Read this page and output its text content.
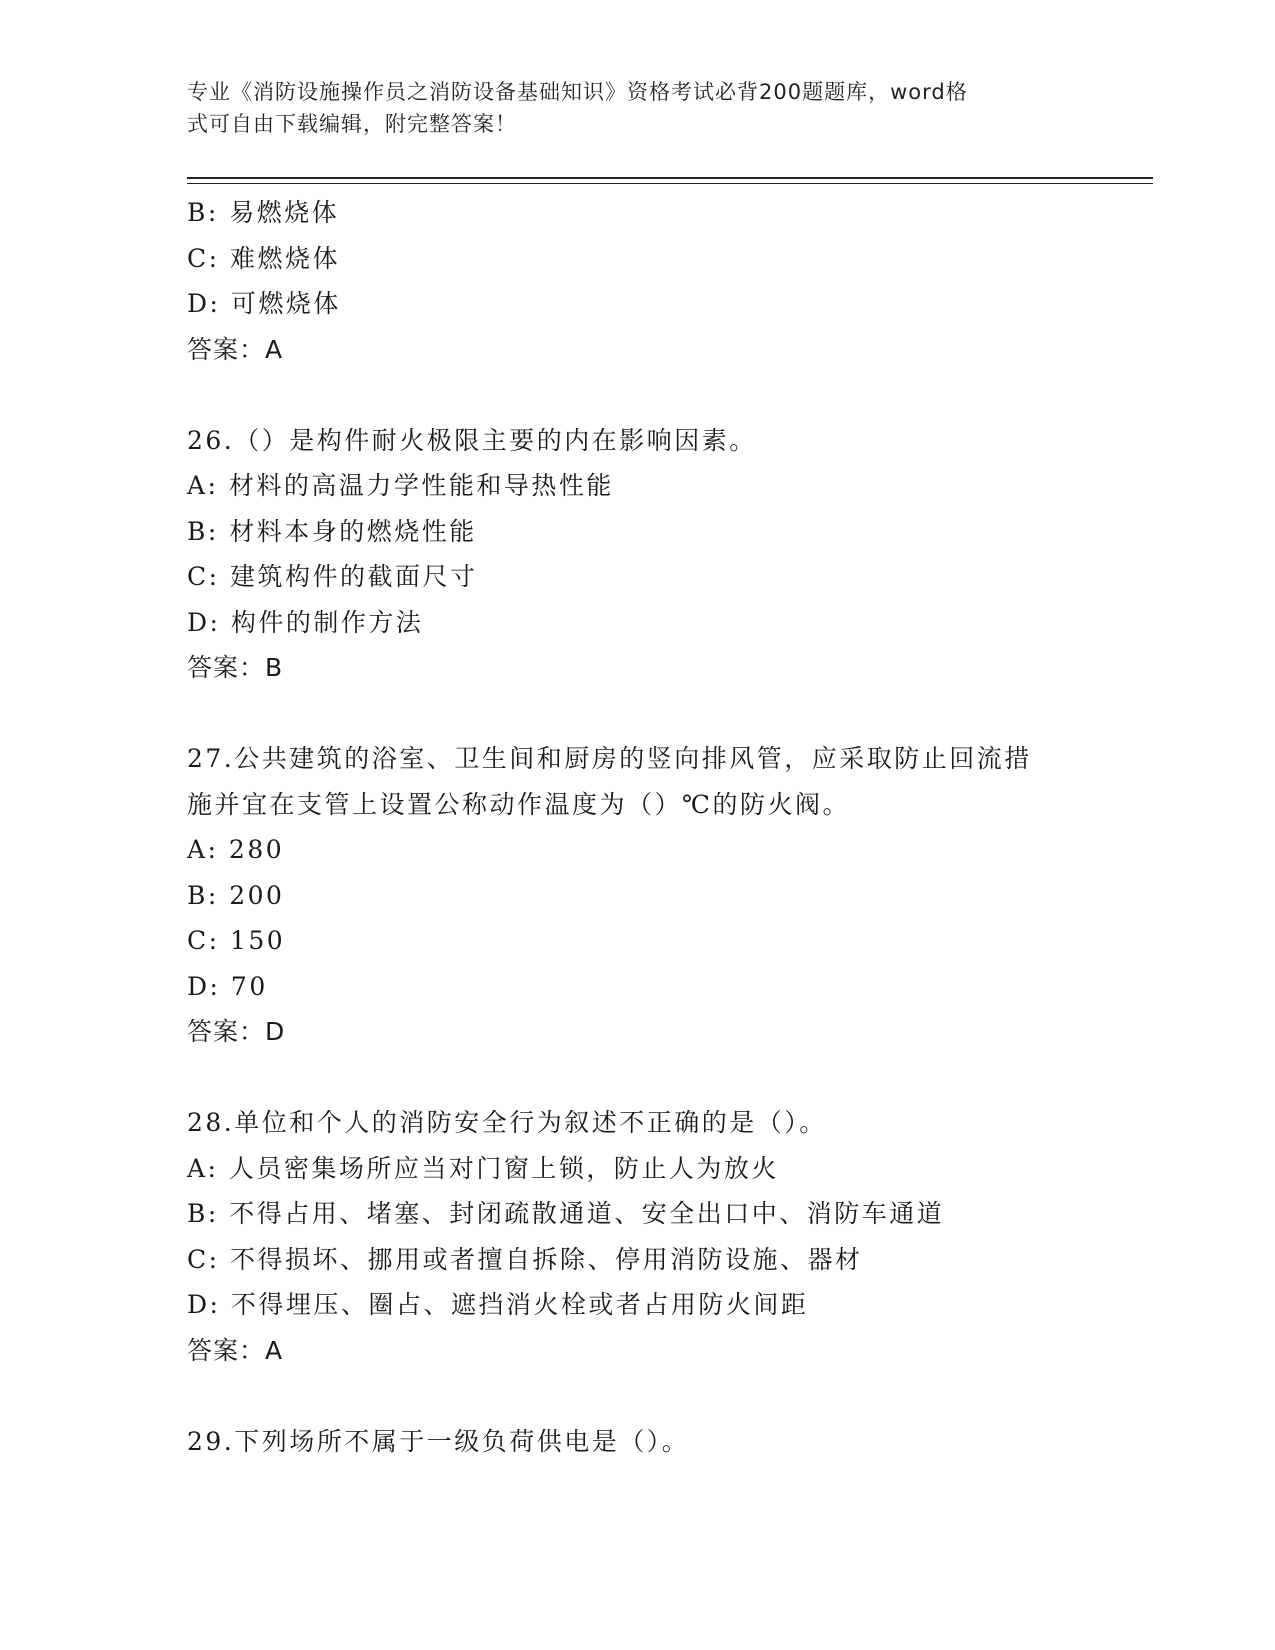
专业《消防设施操作员之消防设备基础知识》资格考试必背200题题库，word格
式可自由下载编辑，附完整答案！
B: 易燃烧体
C: 难燃烧体
D: 可燃烧体
答案：A
26.（）是构件耐火极限主要的内在影响因素。
A: 材料的高温力学性能和导热性能
B: 材料本身的燃烧性能
C: 建筑构件的截面尺寸
D: 构件的制作方法
答案：B
27.公共建筑的浴室、卫生间和厨房的竖向排风管，应采取防止回流措
施并宜在支管上设置公称动作温度为（）℃的防火阀。
A: 280
B: 200
C: 150
D: 70
答案：D
28.单位和个人的消防安全行为叙述不正确的是（）。
A: 人员密集场所应当对门窗上锁，防止人为放火
B: 不得占用、堵塞、封闭疏散通道、安全出口中、消防车通道
C: 不得损坏、挪用或者擅自拆除、停用消防设施、器材
D: 不得埋压、圈占、遮挡消火栓或者占用防火间距
答案：A
29.下列场所不属于一级负荷供电是（）。
